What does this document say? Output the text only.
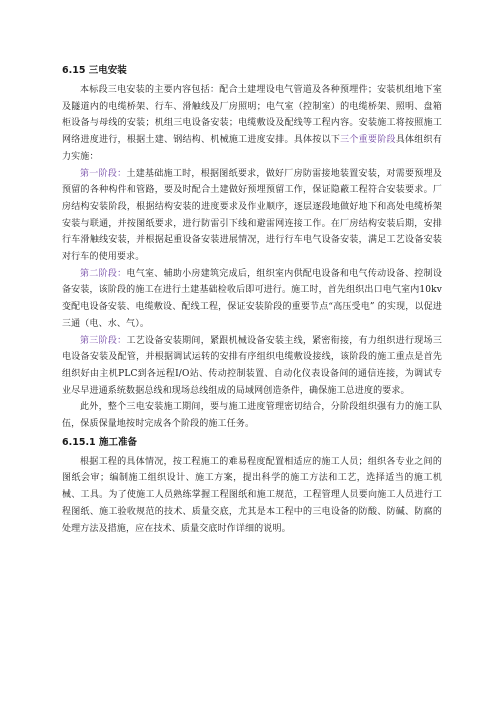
6.15 三电安装

本标段三电安装的主要内容包括：配合土建埋设电气管道及各种预埋件；安装机组地下室及隧道内的电缆桥架、行车、滑触线及厂房照明；电气室（控制室）的电缆桥架、照明、盘箱柜设备与母线的安装；机组三电设备安装；电缆敷设及配线等工程内容。安装施工将按照施工网络进度进行，根据土建、钢结构、机械施工进度安排。具体按以下三个重要阶段具体组织有力实施：

第一阶段：土建基础施工时，根据图纸要求，做好厂房防雷接地装置安装，对需要预埋及预留的各种构件和管路，要及时配合土建做好预埋预留工作，保证隐蔽工程符合安装要求。厂房结构安装阶段，根据结构安装的进度要求及作业顺序，逐层逐段地做好地下和高处电缆桥架安装与联通，并按图纸要求，进行防雷引下线和避雷网连接工作。在厂房结构安装后期，安排行车滑触线安装，并根据起重设备安装进展情况，进行行车电气设备安装，满足工艺设备安装对行车的使用要求。

第二阶段：电气室、辅助小房建筑完成后，组织室内供配电设备和电气传动设备、控制设备安装，该阶段的施工在进行土建基础检收后即可进行。施工时，首先组织出口电气室内10kv变配电设备安装、电缆敷设、配线工程，保证安装阶段的重要节点“高压受电” 的实现，以促进三通（电、水、气）。

第三阶段：工艺设备安装期间，紧跟机械设备安装主线，紧密衔接，有力组织进行现场三电设备安装及配管，并根据调试运转的安排有序组织电缆敷设接线，该阶段的施工重点是首先组织好由主机PLC到各远程I/O站、传动控制装置、自动化仪表设备间的通信连接，为调试专业尽早进通系统数据总线和现场总线组成的局域网创造条件，确保施工总进度的要求。

此外，整个三电安装施工期间，要与施工进度管理密切结合，分阶段组织强有力的施工队伍，保质保量地按时完成各个阶段的施工任务。

6.15.1 施工准备

根据工程的具体情况，按工程施工的难易程度配置相适应的施工人员；组织各专业之间的图纸会审；编制施工组织设计、施工方案，提出科学的施工方法和工艺，选择适当的施工机械、工具。为了使施工人员熟练掌握工程图纸和施工规范，工程管理人员要向施工人员进行工程图纸、施工验收规范的技术、质量交底，尤其是本工程中的三电设备的防酸、防碱、防腐的处理方法及措施，应在技术、质量交底时作详细的说明。
